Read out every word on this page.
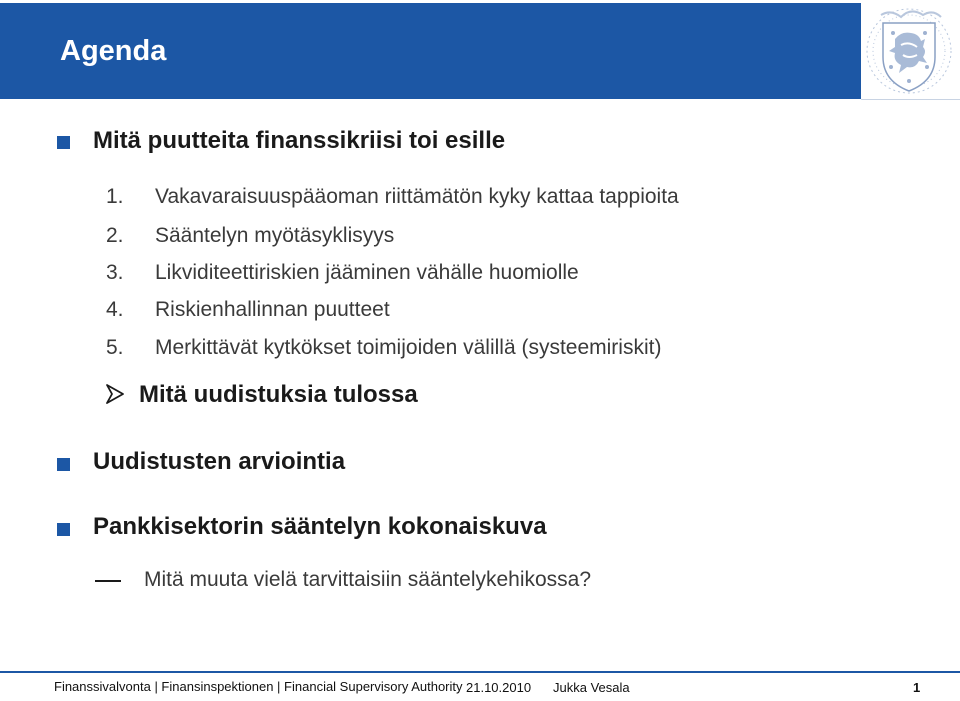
Agenda
Mitä puutteita finanssikriisi toi esille
1. Vakavaraisuuspääoman riittämätön kyky kattaa tappioita
2. Sääntelyn myötäsyklisyys
3. Likviditeettiriskien jääminen vähälle huomiolle
4. Riskienhallinnan puutteet
5. Merkittävät kytkökset toimijoiden välillä (systeemiriskit)
Mitä uudistuksia tulossa
Uudistusten arviointia
Pankkisektorin sääntelyn kokonaiskuva
Mitä muuta vielä tarvittaisiin sääntelykehikossa?
Finanssivalvonta | Finansinspektionen | Financial Supervisory Authority 21.10.2010 Jukka Vesala	1
